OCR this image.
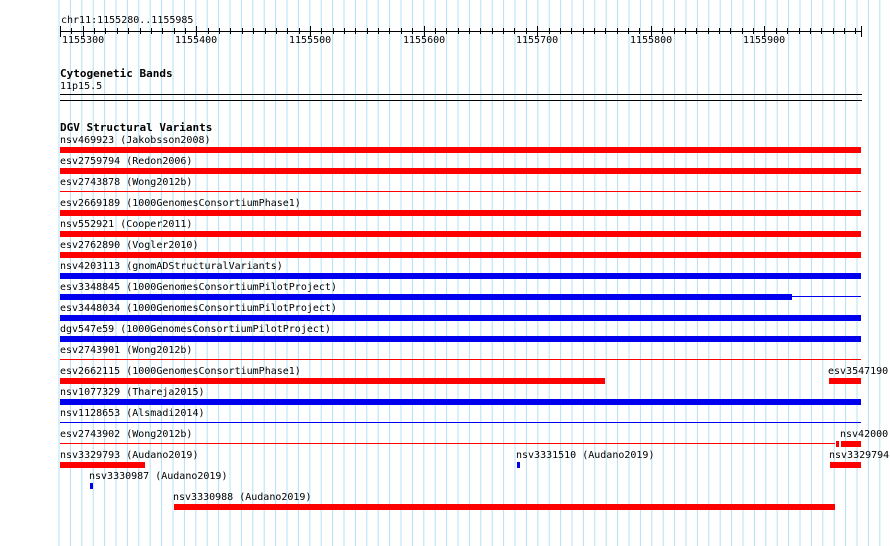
chr11:1155280..1155985
1155300	1155400	1155500	1155600	1155700	1155800	1155900
Cytogenetic Bands
11p15.5
DGV Structural Variants
nsv469923 (Jakobsson2008)
esv2759794 (Redon2006)
esv2743878 (Wong2012b)
esv2669189 (1000GenomesConsortiumPhase1)
nsv552921 (Cooper2011)
esv2762890 (Vogler2010)
nsv4203113 (gnomADStructuralVariants)
esv3348845 (1000GenomesConsortiumPilotProject)
esv3448034 (1000GenomesConsortiumPilotProject)
dgv547e59 (1000GenomesConsortiumPilotProject)
esv2743901 (Wong2012b)
esv2662115 (1000GenomesConsortiumPhase1)
nsv1077329 (Thareja2015)
nsv1128653 (Alsmadi2014)
esv2743902 (Wong2012b)
nsv3329793 (Audano2019)
esv3547190
nsv42000
nsv3331510 (Audano2019)	nsv3329794
nsv3330987 (Audano2019)
nsv3330988 (Audano2019)
